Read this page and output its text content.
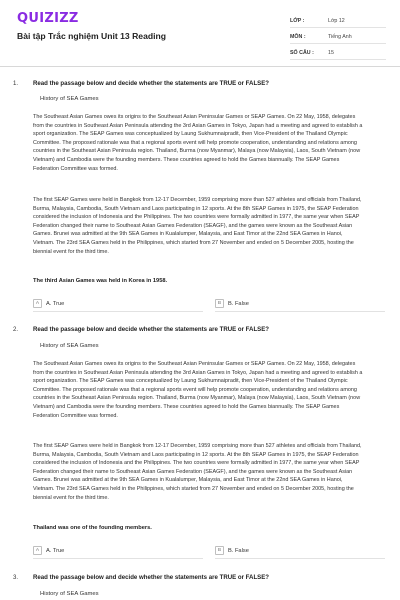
QUIZIZZ
Bài tập Trắc nghiệm Unit 13 Reading
LỚP :	Lớp 12
MÔN :	Tiếng Anh
SỐ CÂU :	15
1. Read the passage below and decide whether the statements are TRUE or FALSE?
History of SEA Games

The Southeast Asian Games owes its origins to the Southeast Asian Peninsular Games or SEAP Games. On 22 May, 1958, delegates from the countries in Southeast Asian Peninsula attending the 3rd Asian Games in Tokyo, Japan had a meeting and agreed to establish a sport organization. The SEAP Games was conceptualized by Laung Sukhumnaipradit, then Vice-President of the Thailand Olympic Committee. The proposed rationale was that a regional sports event will help promote cooperation, understanding and relations among countries in the Southeast Asian Peninsula region. Thailand, Burma (now Myanmar), Malaya (now Malaysia), Laos, South Vietnam (now Vietnam) and Cambodia were the founding members. These countries agreed to hold the Games biannually. The SEAP Games Federation Committee was formed.

The first SEAP Games were held in Bangkok from 12-17 December, 1959 comprising more than 527 athletes and officials from Thailand, Burma, Malaysia, Cambodia, South Vietnam and Laos participating in 12 sports. At the 8th SEAP Games in 1975, the SEAP Federation considered the inclusion of Indonesia and the Philippines. The two countries were formally admitted in 1977, the same year when SEAP Federation changed their name to Southeast Asian Games Federation (SEAGF), and the games were known as the Southeast Asian Games. Brunei was admitted at the 9th SEA Games in Kualalumper, Malaysia, and East Timor at the 22nd SEA Games in Hanoi, Vietnam. The 23rd SEA Games held in the Philippines, which started from 27 November and ended on 5 December 2005, hosting the biennial event for the third time.

The third Asian Games was held in Korea in 1958.
A	A. True	B	B. False
2. Read the passage below and decide whether the statements are TRUE or FALSE?
History of SEA Games

The Southeast Asian Games owes its origins to the Southeast Asian Peninsular Games or SEAP Games. On 22 May, 1958, delegates from the countries in Southeast Asian Peninsula attending the 3rd Asian Games in Tokyo, Japan had a meeting and agreed to establish a sport organization. The SEAP Games was conceptualized by Laung Sukhumnaipradit, then Vice-President of the Thailand Olympic Committee. The proposed rationale was that a regional sports event will help promote cooperation, understanding and relations among countries in the Southeast Asian Peninsula region. Thailand, Burma (now Myanmar), Malaya (now Malaysia), Laos, South Vietnam (now Vietnam) and Cambodia were the founding members. These countries agreed to hold the Games biannually. The SEAP Games Federation Committee was formed.

The first SEAP Games were held in Bangkok from 12-17 December, 1959 comprising more than 527 athletes and officials from Thailand, Burma, Malaysia, Cambodia, South Vietnam and Laos participating in 12 sports. At the 8th SEAP Games in 1975, the SEAP Federation considered the inclusion of Indonesia and the Philippines. The two countries were formally admitted in 1977, the same year when SEAP Federation changed their name to Southeast Asian Games Federation (SEAGF), and the games were known as the Southeast Asian Games. Brunei was admitted at the 9th SEA Games in Kualalumper, Malaysia, and East Timor at the 22nd SEA Games in Hanoi, Vietnam. The 23rd SEA Games held in the Philippines, which started from 27 November and ended on 5 December 2005, hosting the biennial event for the third time.

Thailand was one of the founding members.
A	A. True	B	B. False
3. Read the passage below and decide whether the statements are TRUE or FALSE?
History of SEA Games
